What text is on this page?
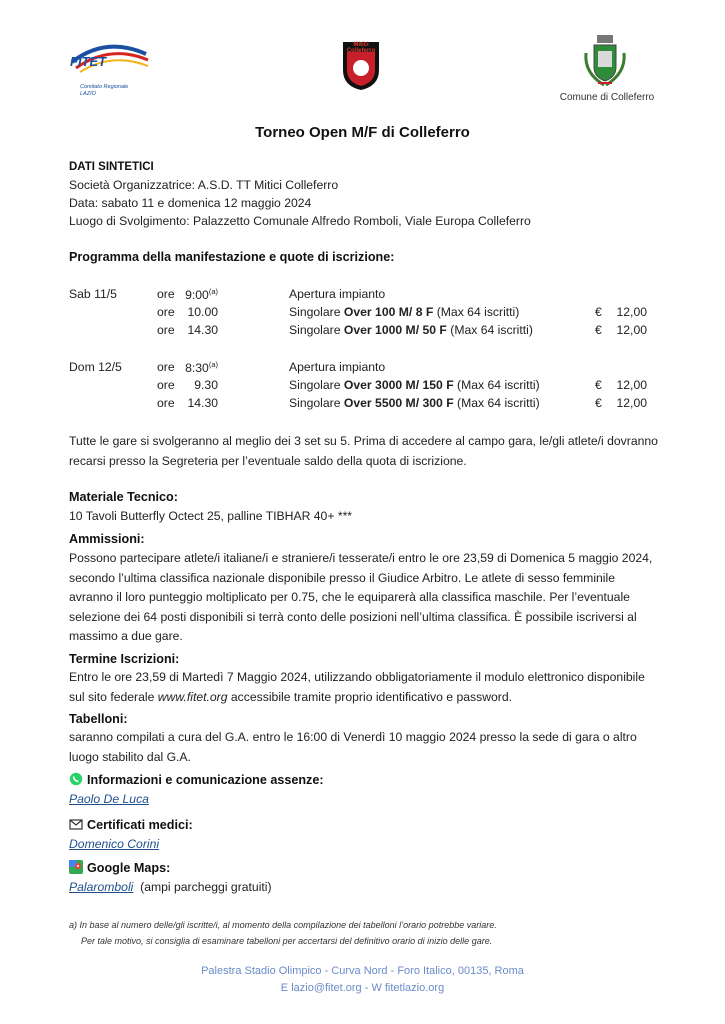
FITET
Comitato Regionale LAZIO
Mitici Colleferro
Comune di Colleferro
Torneo Open M/F di Colleferro
DATI SINTETICI
Società Organizzatrice: A.S.D. TT Mitici Colleferro
Data: sabato 11 e domenica 12 maggio 2024
Luogo di Svolgimento: Palazzetto Comunale Alfredo Romboli, Viale Europa Colleferro
Programma della manifestazione e quote di iscrizione:
Sab 11/5	ore 9:00$^{(a)}$	Apertura impianto
ore	10.00	Singolare Over 100 M/ 8 F (Max 64 iscritti)	€	12,00
ore	14.30	Singolare Over 1000 M/ 50 F (Max 64 iscritti)	€	12,00
Dom 12/5	ore 8:30$^{(a)}$	Apertura impianto
ore	9.30	Singolare Over 3000 M/ 150 F (Max 64 iscritti)	€	12,00
ore	14.30	Singolare Over 5500 M/ 300 F (Max 64 iscritti)	€	12,00
Tutte le gare si svolgeranno al meglio dei 3 set su 5. Prima di accedere al campo gara, le/gli atlete/i dovranno recarsi presso la Segreteria per l’eventuale saldo della quota di iscrizione.
Materiale Tecnico:
10 Tavoli Butterfly Octect 25, palline TIBHAR 40+ ***
Ammissioni:
Possono partecipare atlete/i italiane/i e straniere/i tesserate/i entro le ore 23,59 di Domenica 5 maggio 2024, secondo l’ultima classifica nazionale disponibile presso il Giudice Arbitro. Le atlete di sesso femminile avranno il loro punteggio moltiplicato per 0.75, che le equiparerà alla classifica maschile. Per l’eventuale selezione dei 64 posti disponibili si terrà conto delle posizioni nell’ultima classifica. È possibile iscriversi al massimo a due gare.
Termine Iscrizioni:
Entro le ore 23,59 di Martedì 7 Maggio 2024, utilizzando obbligatoriamente il modulo elettronico disponibile sul sito federale www.fitet.org accessibile tramite proprio identificativo e password.
Tabelloni:
saranno compilati a cura del G.A. entro le 16:00 di Venerdì 10 maggio 2024 presso la sede di gara o altro luogo stabilito dal G.A.
Informazioni e comunicazione assenze:
Paolo De Luca
Certificati medici:
Domenico Corini
Google Maps:
Palaromboli (ampi parcheggi gratuiti)
a) In base al numero delle/gli iscritte/i, al momento della compilazione dei tabelloni l’orario potrebbe variare.
Per tale motivo, si consiglia di esaminare tabelloni per accertarsi del definitivo orario di inizio delle gare.
Palestra Stadio Olimpico - Curva Nord - Foro Italico, 00135, Roma
E lazio@fitet.org - W fitetlazio.org
